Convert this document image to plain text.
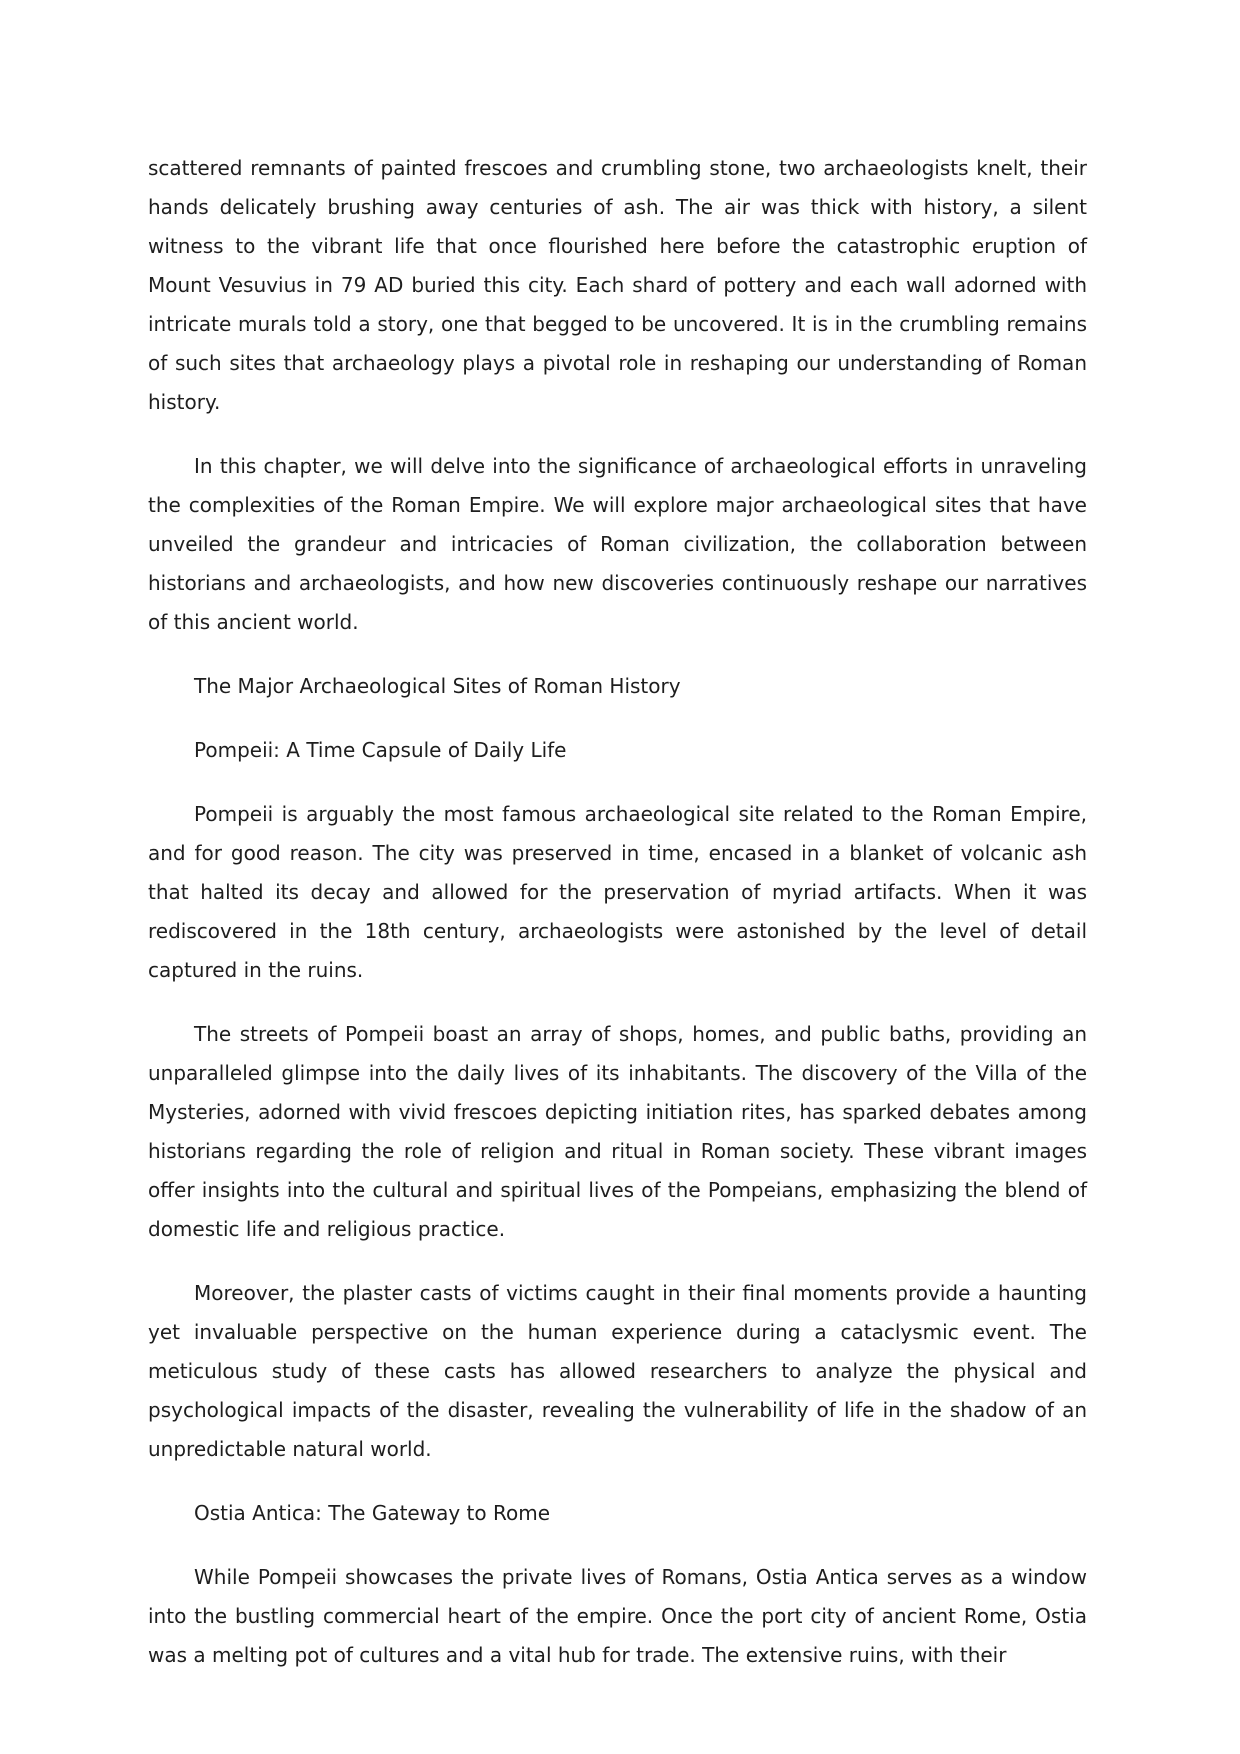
scattered remnants of painted frescoes and crumbling stone, two archaeologists knelt, their hands delicately brushing away centuries of ash. The air was thick with history, a silent witness to the vibrant life that once flourished here before the catastrophic eruption of Mount Vesuvius in 79 AD buried this city. Each shard of pottery and each wall adorned with intricate murals told a story, one that begged to be uncovered. It is in the crumbling remains of such sites that archaeology plays a pivotal role in reshaping our understanding of Roman history.

In this chapter, we will delve into the significance of archaeological efforts in unraveling the complexities of the Roman Empire. We will explore major archaeological sites that have unveiled the grandeur and intricacies of Roman civilization, the collaboration between historians and archaeologists, and how new discoveries continuously reshape our narratives of this ancient world.

The Major Archaeological Sites of Roman History

Pompeii: A Time Capsule of Daily Life

Pompeii is arguably the most famous archaeological site related to the Roman Empire, and for good reason. The city was preserved in time, encased in a blanket of volcanic ash that halted its decay and allowed for the preservation of myriad artifacts. When it was rediscovered in the 18th century, archaeologists were astonished by the level of detail captured in the ruins.

The streets of Pompeii boast an array of shops, homes, and public baths, providing an unparalleled glimpse into the daily lives of its inhabitants. The discovery of the Villa of the Mysteries, adorned with vivid frescoes depicting initiation rites, has sparked debates among historians regarding the role of religion and ritual in Roman society. These vibrant images offer insights into the cultural and spiritual lives of the Pompeians, emphasizing the blend of domestic life and religious practice.

Moreover, the plaster casts of victims caught in their final moments provide a haunting yet invaluable perspective on the human experience during a cataclysmic event. The meticulous study of these casts has allowed researchers to analyze the physical and psychological impacts of the disaster, revealing the vulnerability of life in the shadow of an unpredictable natural world.

Ostia Antica: The Gateway to Rome

While Pompeii showcases the private lives of Romans, Ostia Antica serves as a window into the bustling commercial heart of the empire. Once the port city of ancient Rome, Ostia was a melting pot of cultures and a vital hub for trade. The extensive ruins, with their
